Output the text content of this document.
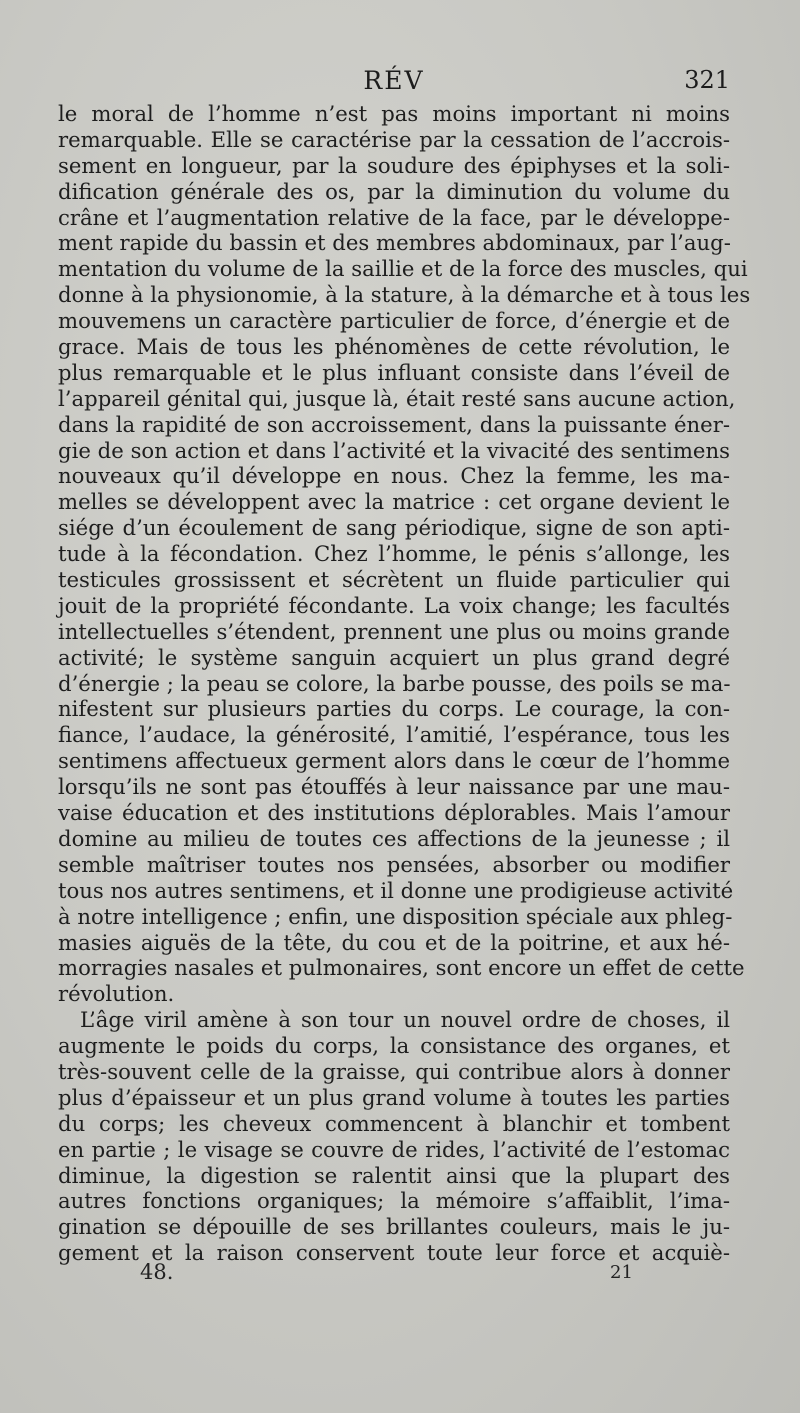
RÉV	321
le moral de l’homme n’est pas moins important ni moins
remarquable. Elle se caractérise par la cessation de l’accrois-
sement en longueur, par la soudure des épiphyses et la soli-
dification générale des os, par la diminution du volume du
crâne et l’augmentation relative de la face, par le développe-
ment rapide du bassin et des membres abdominaux, par l’aug-
mentation du volume de la saillie et de la force des muscles, qui
donne à la physionomie, à la stature, à la démarche et à tous les
mouvemens un caractère particulier de force, d’énergie et de
grace. Mais de tous les phénomènes de cette révolution, le
plus remarquable et le plus influant consiste dans l’éveil de
l’appareil génital qui, jusque là, était resté sans aucune action,
dans la rapidité de son accroissement, dans la puissante éner-
gie de son action et dans l’activité et la vivacité des sentimens
nouveaux qu’il développe en nous. Chez la femme, les ma-
melles se développent avec la matrice : cet organe devient le
siége d’un écoulement de sang périodique, signe de son apti-
tude à la fécondation. Chez l’homme, le pénis s’allonge, les
testicules grossissent et sécrètent un fluide particulier qui
jouit de la propriété fécondante. La voix change; les facultés
intellectuelles s’étendent, prennent une plus ou moins grande
activité; le système sanguin acquiert un plus grand degré
d’énergie ; la peau se colore, la barbe pousse, des poils se ma-
nifestent sur plusieurs parties du corps. Le courage, la con-
fiance, l’audace, la générosité, l’amitié, l’espérance, tous les
sentimens affectueux germent alors dans le cœur de l’homme
lorsqu’ils ne sont pas étouffés à leur naissance par une mau-
vaise éducation et des institutions déplorables. Mais l’amour
domine au milieu de toutes ces affections de la jeunesse ; il
semble maîtriser toutes nos pensées, absorber ou modifier
tous nos autres sentimens, et il donne une prodigieuse activité
à notre intelligence ; enfin, une disposition spéciale aux phleg-
masies aiguës de la tête, du cou et de la poitrine, et aux hé-
morragies nasales et pulmonaires, sont encore un effet de cette
révolution.
L’âge viril amène à son tour un nouvel ordre de choses, il
augmente le poids du corps, la consistance des organes, et
très-souvent celle de la graisse, qui contribue alors à donner
plus d’épaisseur et un plus grand volume à toutes les parties
du corps; les cheveux commencent à blanchir et tombent
en partie ; le visage se couvre de rides, l’activité de l’estomac
diminue, la digestion se ralentit ainsi que la plupart des
autres fonctions organiques; la mémoire s’affaiblit, l’ima-
gination se dépouille de ses brillantes couleurs, mais le ju-
gement et la raison conservent toute leur force et acquiè-
48.	21
